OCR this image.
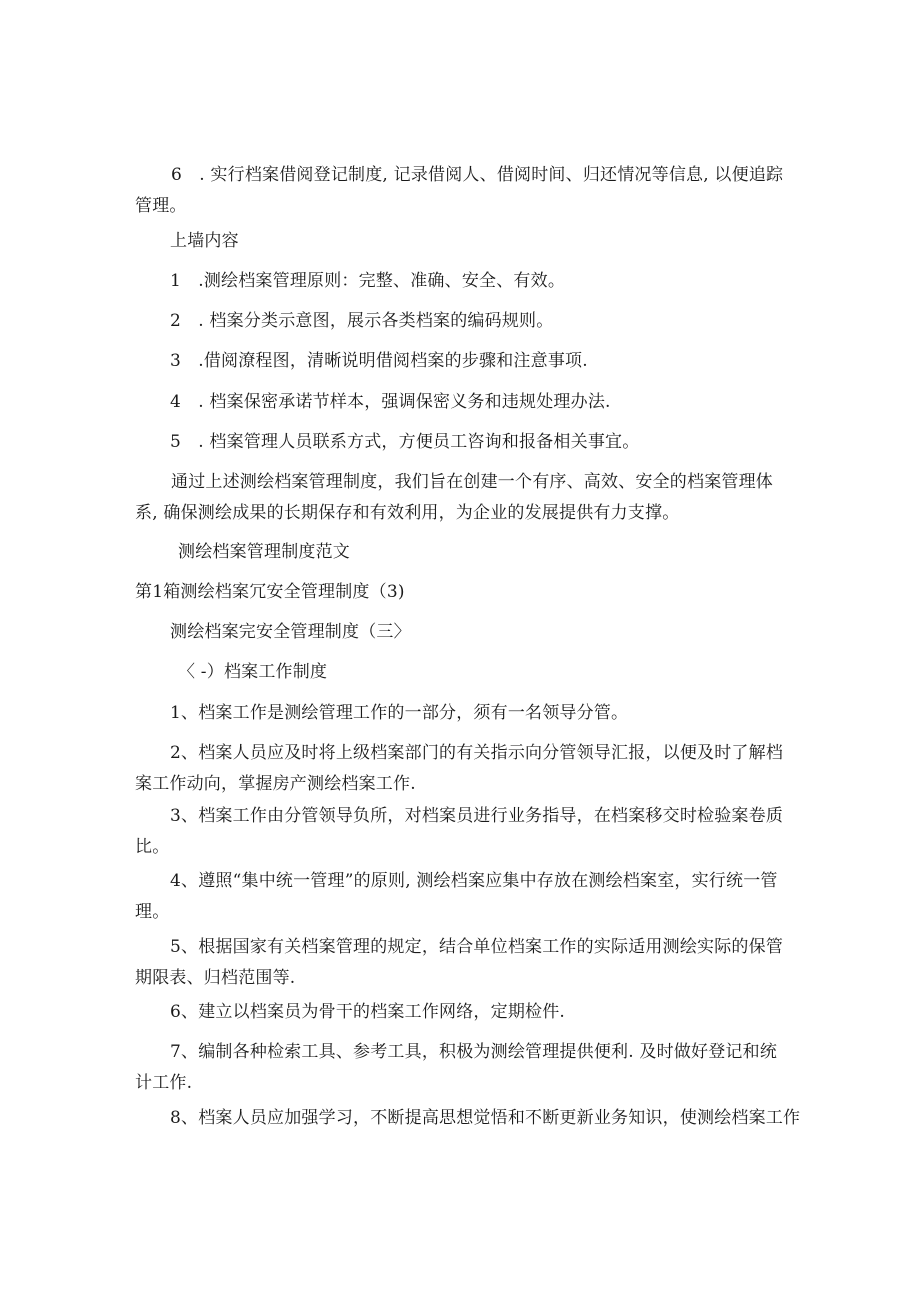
6　. 实行档案借阅登记制度, 记录借阅人、借阅时间、归还情况等信息, 以便追踪管理。
上墙内容
1　.测绘档案管理原则：完整、准确、安全、有效。
2　. 档案分类示意图，展示各类档案的编码规则。
3　.借阅潦程图，清晰说明借阅档案的步骤和注意事项.
4　. 档案保密承诺节样本，强调保密义务和违规处理办法.
5　. 档案管理人员联系方式，方便员工咨询和报备相关事宜。
通过上述测绘档案管理制度，我们旨在创建一个有序、高效、安全的档案管理体系, 确保测绘成果的长期保存和有效利用，为企业的发展提供有力支撑。
测绘档案管理制度范文
第1箱测绘档案冗安全管理制度（3)
测绘档案完安全管理制度（三〉
〈 -）档案工作制度
1、档案工作是测绘管理工作的一部分，须有一名领导分管。
2、档案人员应及时将上级档案部门的有关指示向分管领导汇报，以便及时了解档案工作动向，掌握房产测绘档案工作.
3、档案工作由分管领导负所，对档案员进行业务指导，在档案移交时检验案卷质比。
4、遵照“集中统一管理”的原则, 测绘档案应集中存放在测绘档案室，实行统一管理。
5、根据国家有关档案管理的规定，结合单位档案工作的实际适用测绘实际的保管期限表、归档范围等.
6、建立以档案员为骨干的档案工作网络，定期检件.
7、编制各种检索工具、参考工具，积极为测绘管理提供便利. 及时做好登记和统计工作.
8、档案人员应加强学习，不断提高思想觉悟和不断更新业务知识，使测绘档案工作
